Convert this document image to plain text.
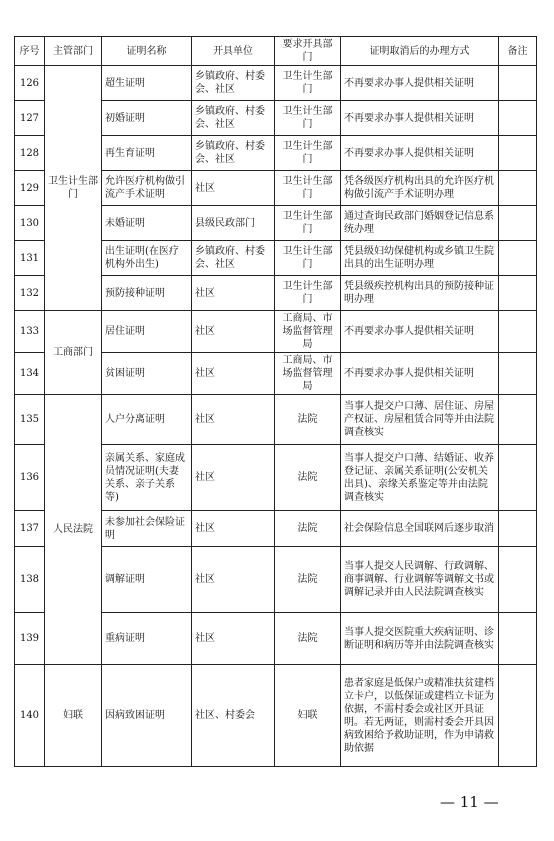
序号	主管部门	证明名称	开具单位	要求开具部门	证明取消后的办理方式	备注
126	卫生计生部门	超生证明	乡镇政府、村委会、社区	卫生计生部门	不再要求办事人提供相关证明	
127		初婚证明	乡镇政府、村委会、社区	卫生计生部门	不再要求办事人提供相关证明	
128		再生育证明	乡镇政府、村委会、社区	卫生计生部门	不再要求办事人提供相关证明	
129		允许医疗机构做引流产手术证明	社区	卫生计生部门	凭各级医疗机构出具的允许医疗机构做引流产手术证明办理	
130		未婚证明	县级民政部门	卫生计生部门	通过查询民政部门婚姻登记信息系统办理	
131		出生证明(在医疗机构外出生)	乡镇政府、村委会、社区	卫生计生部门	凭县级妇幼保健机构或乡镇卫生院出具的出生证明办理	
132		预防接种证明	社区	卫生计生部门	凭县级疾控机构出具的预防接种证明办理	
133	工商部门	居住证明	社区	工商局、市场监督管理局	不再要求办事人提供相关证明	
134		贫困证明	社区	工商局、市场监督管理局	不再要求办事人提供相关证明	
135	人民法院	人户分离证明	社区	法院	当事人提交户口薄、居住证、房屋产权证、房屋租赁合同等并由法院调查核实	
136		亲属关系、家庭成员情况证明(夫妻关系、亲子关系等)	社区	法院	当事人提交户口薄、结婚证、收养登记证、亲属关系证明(公安机关出具)、亲缘关系鉴定等并由法院调查核实	
137		未参加社会保险证明	社区	法院	社会保险信息全国联网后逐步取消	
138		调解证明	社区	法院	当事人提交人民调解、行政调解、商事调解、行业调解等调解文书或调解记录并由人民法院调查核实	
139		重病证明	社区	法院	当事人提交医院重大疾病证明、诊断证明和病历等并由法院调查核实	
140	妇联	因病致困证明	社区、村委会	妇联	患者家庭是低保户或精准扶贫建档立卡户，以低保证或建档立卡证为依据，不需村委会或社区开具证明。若无两证，则需村委会开具因病致困给予救助证明，作为申请救助依据	
— 11 —
